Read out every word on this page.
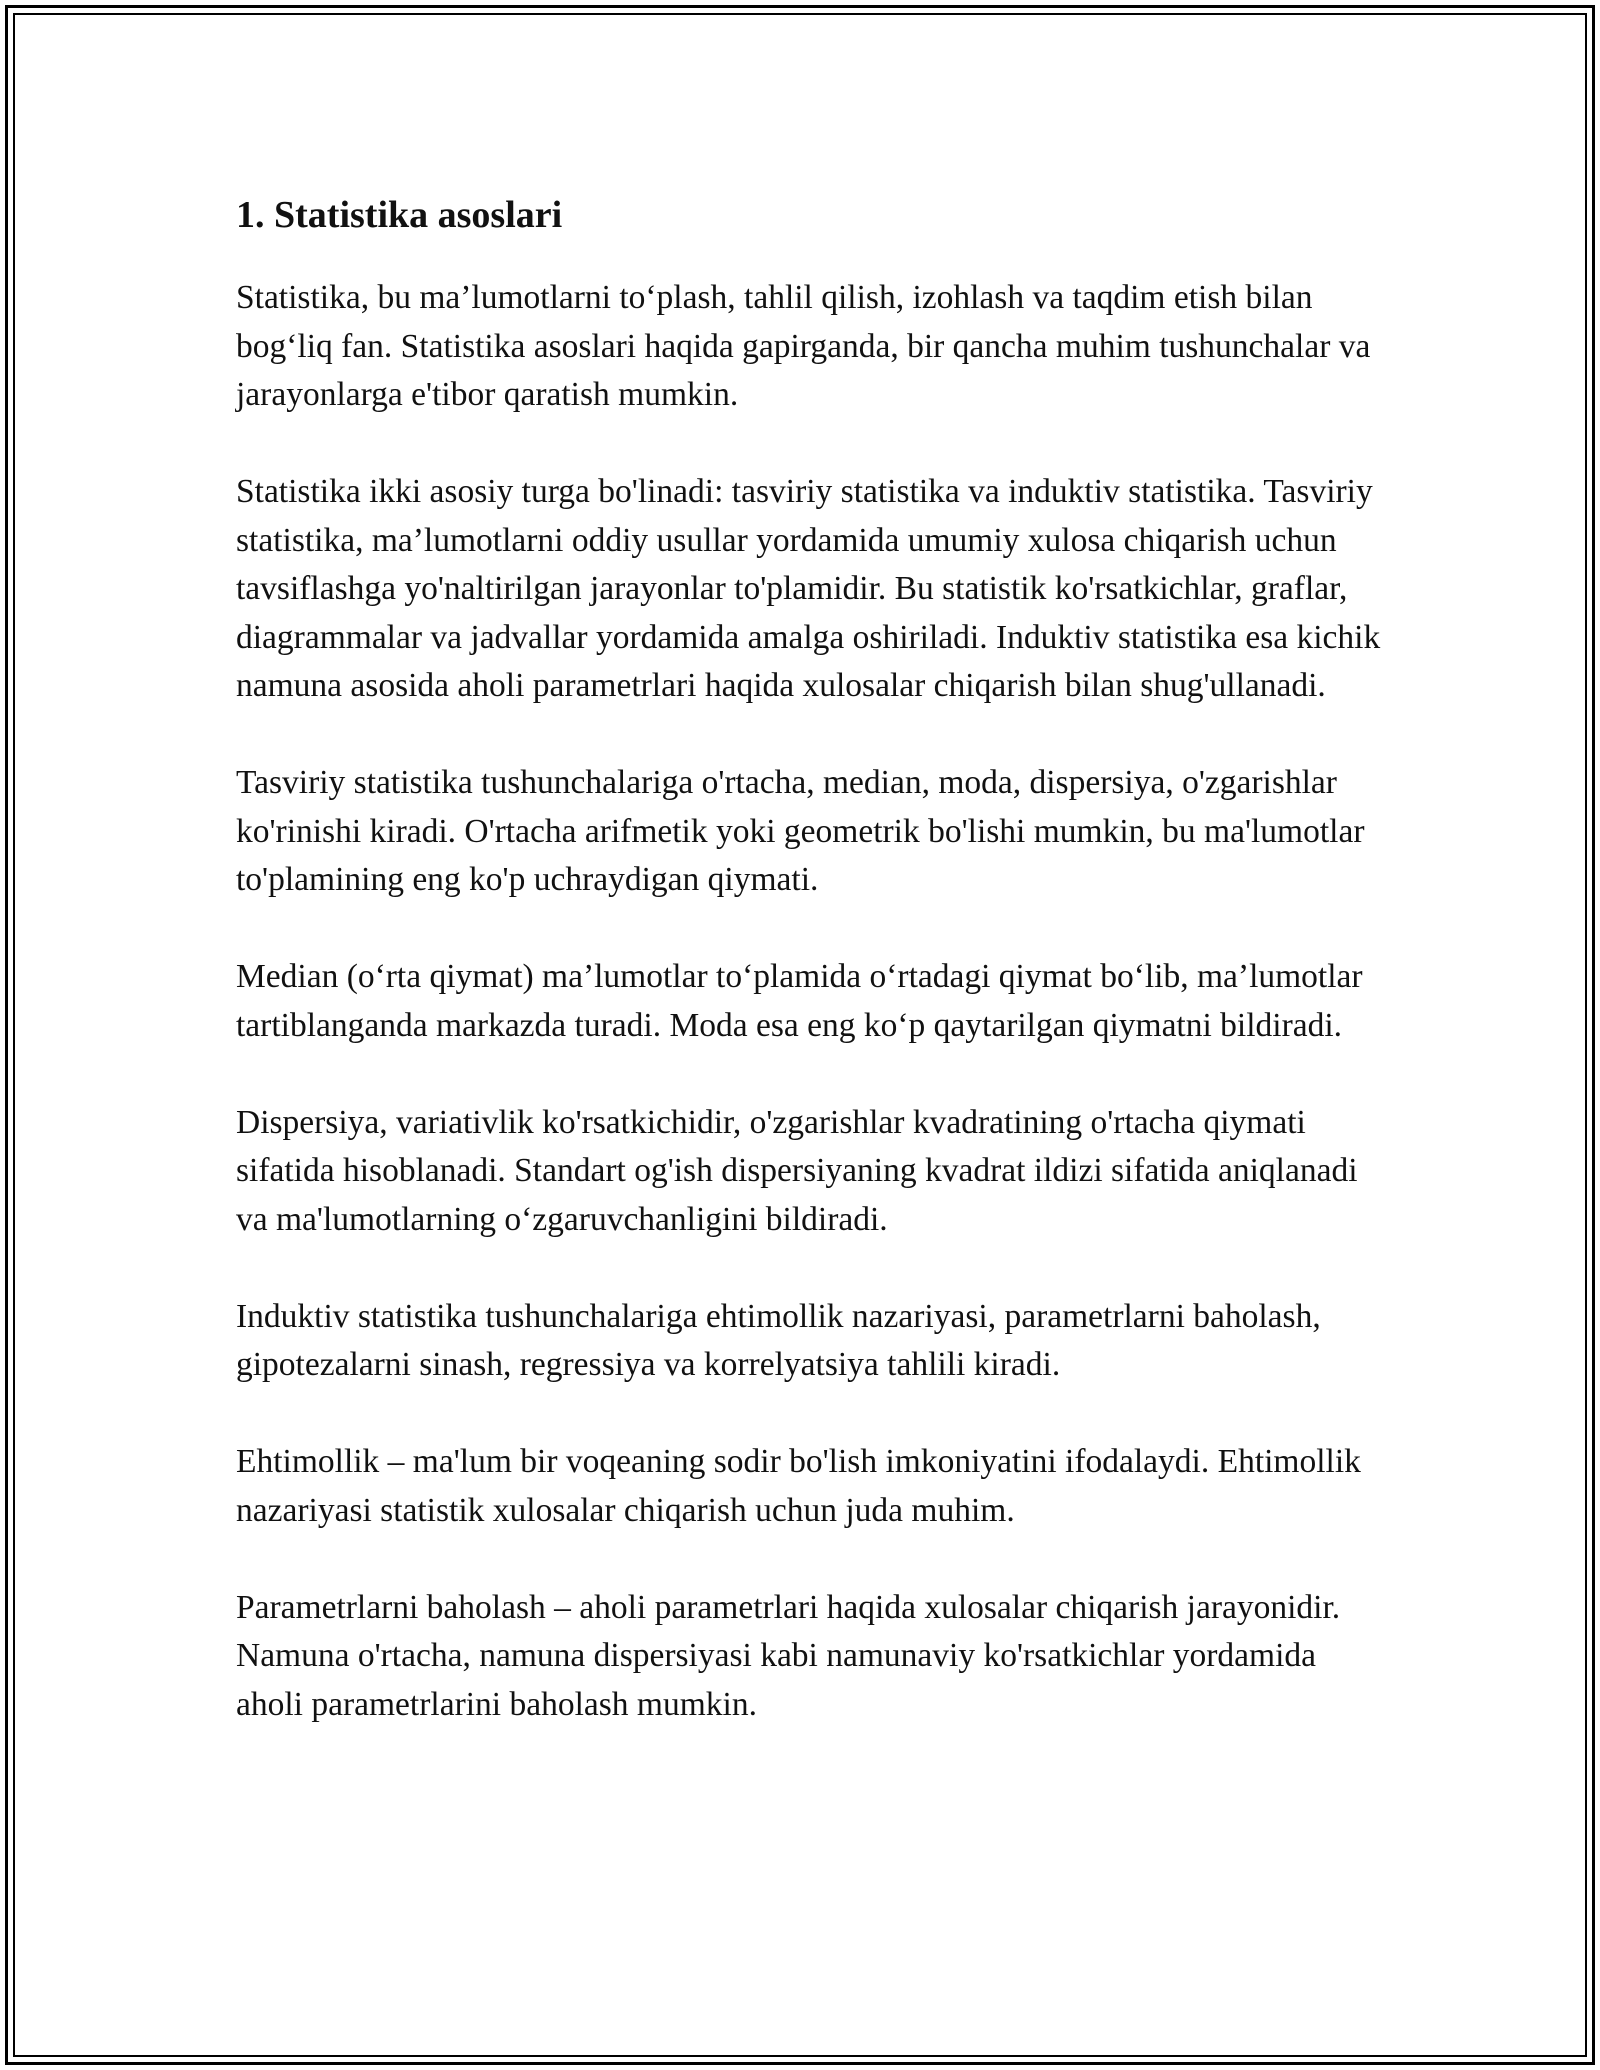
1. Statistika asoslari

Statistika, bu ma’lumotlarni to‘plash, tahlil qilish, izohlash va taqdim etish bilan bog‘liq fan. Statistika asoslari haqida gapirganda, bir qancha muhim tushunchalar va jarayonlarga e'tibor qaratish mumkin.

Statistika ikki asosiy turga bo'linadi: tasviriy statistika va induktiv statistika. Tasviriy statistika, ma’lumotlarni oddiy usullar yordamida umumiy xulosa chiqarish uchun tavsiflashga yo'naltirilgan jarayonlar to'plamidir. Bu statistik ko'rsatkichlar, graflar, diagrammalar va jadvallar yordamida amalga oshiriladi. Induktiv statistika esa kichik namuna asosida aholi parametrlari haqida xulosalar chiqarish bilan shug'ullanadi.

Tasviriy statistika tushunchalariga o'rtacha, median, moda, dispersiya, o'zgarishlar ko'rinishi kiradi. O'rtacha arifmetik yoki geometrik bo'lishi mumkin, bu ma'lumotlar to'plamining eng ko'p uchraydigan qiymati.

Median (o‘rta qiymat) ma’lumotlar to‘plamida o‘rtadagi qiymat bo‘lib, ma’lumotlar tartiblanganda markazda turadi. Moda esa eng ko‘p qaytarilgan qiymatni bildiradi.

Dispersiya, variativlik ko'rsatkichidir, o'zgarishlar kvadratining o'rtacha qiymati sifatida hisoblanadi. Standart og'ish dispersiyaning kvadrat ildizi sifatida aniqlanadi va ma'lumotlarning o‘zgaruvchanligini bildiradi.

Induktiv statistika tushunchalariga ehtimollik nazariyasi, parametrlarni baholash, gipotezalarni sinash, regressiya va korrelyatsiya tahlili kiradi.

Ehtimollik – ma'lum bir voqeaning sodir bo'lish imkoniyatini ifodalaydi. Ehtimollik nazariyasi statistik xulosalar chiqarish uchun juda muhim.

Parametrlarni baholash – aholi parametrlari haqida xulosalar chiqarish jarayonidir. Namuna o'rtacha, namuna dispersiyasi kabi namunaviy ko'rsatkichlar yordamida aholi parametrlarini baholash mumkin.
